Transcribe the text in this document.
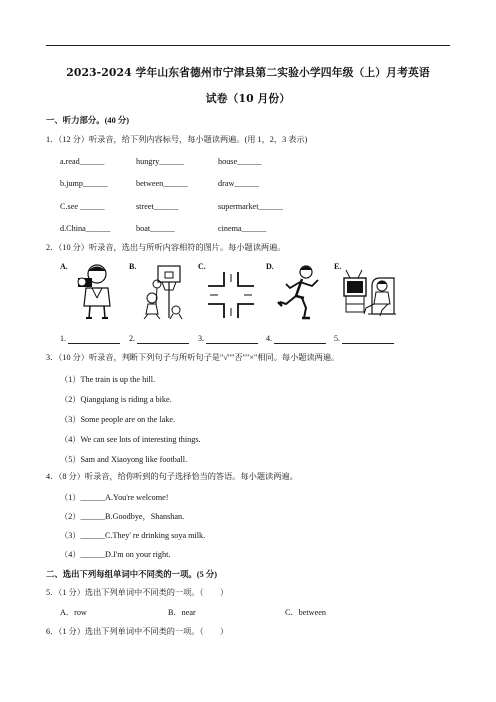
2023-2024 学年山东省德州市宁津县第二实验小学四年级（上）月考英语
试卷（10 月份）
一、听力部分。(40 分)
1．（12 分）听录音，给下列内容标号，每小题读两遍。(用 1，2，3 表示)
a.read______	hungry______	house______
b.jump______	between______	draw______
C.see ______	street______	supermarket______
d.China______	boat______	cinema______
2．（10 分）听录音，选出与所听内容相符的图片。每小题读两遍。
A.	B.	C.	D.	E.
1.	2.	3.	4.	5.
3．（10 分）听录音，判断下列句子与所听句子是"√""否""×"相同。每小题读两遍。
（1）The train is up the hill.
（2）Qiangqiang is riding a bike.
（3）Some people are on the lake.
（4）We can see lots of interesting things.
（5）Sam and Xiaoyong like football.
4．（8 分）听录音，给你听到的句子选择恰当的答语。每小题读两遍。
（1）______A.You're welcome!
（2）______B.Goodbye，Shanshan.
（3）______C.They' re drinking soya milk.
（4）______D.I'm on your right.
二、选出下列每组单词中不同类的一项。(5 分)
5．（1 分）选出下列单词中不同类的一项。（　　）
A．row	B．near	C．between
6．（1 分）选出下列单词中不同类的一项。（　　）
